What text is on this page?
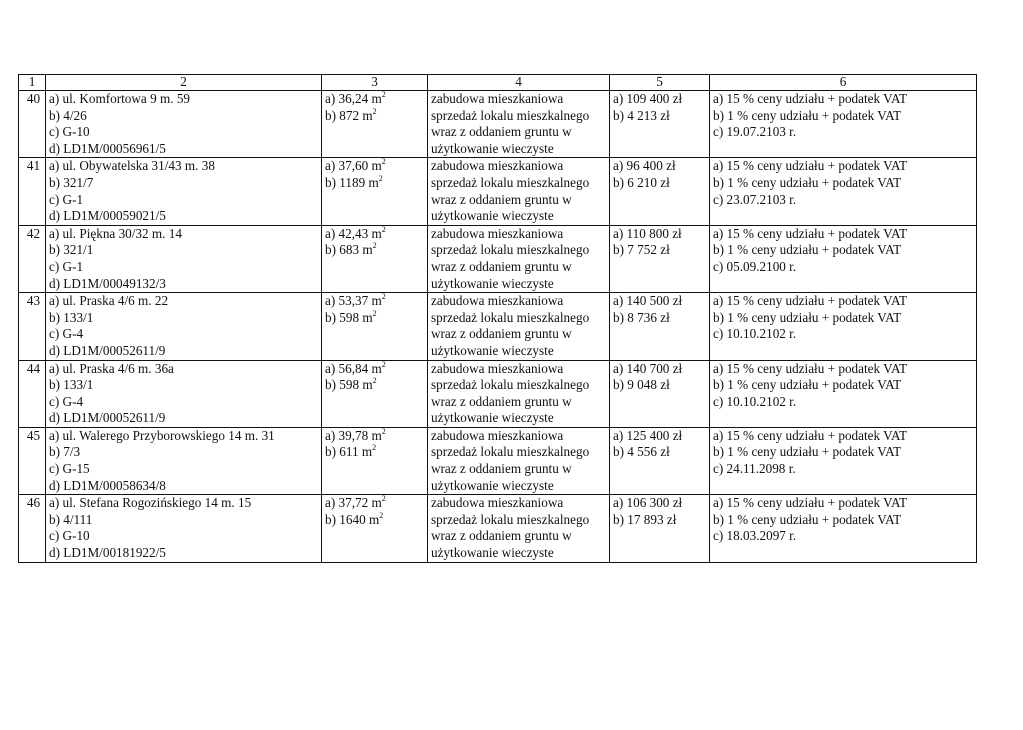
1	2	3	4	5	6
40	a) ul. Komfortowa 9 m. 59
b) 4/26
c) G-10
d) LD1M/00056961/5	a) 36,24 $m^2$
b) 872 $m^2$	zabudowa mieszkaniowa
sprzedaż lokalu mieszkalnego
wraz z oddaniem gruntu w
użytkowanie wieczyste	a) 109 400 zł
b) 4 213 zł	a) 15 % ceny udziału + podatek VAT
b) 1 % ceny udziału + podatek VAT
c) 19.07.2103 r.

41	a) ul. Obywatelska 31/43 m. 38
b) 321/7
c) G-1
d) LD1M/00059021/5	a) 37,60 $m^2$
b) 1189 $m^2$	zabudowa mieszkaniowa
sprzedaż lokalu mieszkalnego
wraz z oddaniem gruntu w
użytkowanie wieczyste	a) 96 400 zł
b) 6 210 zł	a) 15 % ceny udziału + podatek VAT
b) 1 % ceny udziału + podatek VAT
c) 23.07.2103 r.

42	a) ul. Piękna 30/32 m. 14
b) 321/1
c) G-1
d) LD1M/00049132/3	a) 42,43 $m^2$
b) 683 $m^2$	zabudowa mieszkaniowa
sprzedaż lokalu mieszkalnego
wraz z oddaniem gruntu w
użytkowanie wieczyste	a) 110 800 zł
b) 7 752 zł	a) 15 % ceny udziału + podatek VAT
b) 1 % ceny udziału + podatek VAT
c) 05.09.2100 r.

43	a) ul. Praska 4/6 m. 22
b) 133/1
c) G-4
d) LD1M/00052611/9	a) 53,37 $m^2$
b) 598 $m^2$	zabudowa mieszkaniowa
sprzedaż lokalu mieszkalnego
wraz z oddaniem gruntu w
użytkowanie wieczyste	a) 140 500 zł
b) 8 736 zł	a) 15 % ceny udziału + podatek VAT
b) 1 % ceny udziału + podatek VAT
c) 10.10.2102 r.

44	a) ul. Praska 4/6 m. 36a
b) 133/1
c) G-4
d) LD1M/00052611/9	a) 56,84 $m^2$
b) 598 $m^2$	zabudowa mieszkaniowa
sprzedaż lokalu mieszkalnego
wraz z oddaniem gruntu w
użytkowanie wieczyste	a) 140 700 zł
b) 9 048 zł	a) 15 % ceny udziału + podatek VAT
b) 1 % ceny udziału + podatek VAT
c) 10.10.2102 r.

45	a) ul. Walerego Przyborowskiego 14 m. 31
b) 7/3
c) G-15
d) LD1M/00058634/8	a) 39,78 $m^2$
b) 611 $m^2$	zabudowa mieszkaniowa
sprzedaż lokalu mieszkalnego
wraz z oddaniem gruntu w
użytkowanie wieczyste	a) 125 400 zł
b) 4 556 zł	a) 15 % ceny udziału + podatek VAT
b) 1 % ceny udziału + podatek VAT
c) 24.11.2098 r.

46	a) ul. Stefana Rogozińskiego 14 m. 15
b) 4/111
c) G-10
d) LD1M/00181922/5	a) 37,72 $m^2$
b) 1640 $m^2$	zabudowa mieszkaniowa
sprzedaż lokalu mieszkalnego
wraz z oddaniem gruntu w
użytkowanie wieczyste	a) 106 300 zł
b) 17 893 zł	a) 15 % ceny udziału + podatek VAT
b) 1 % ceny udziału + podatek VAT
c) 18.03.2097 r.
